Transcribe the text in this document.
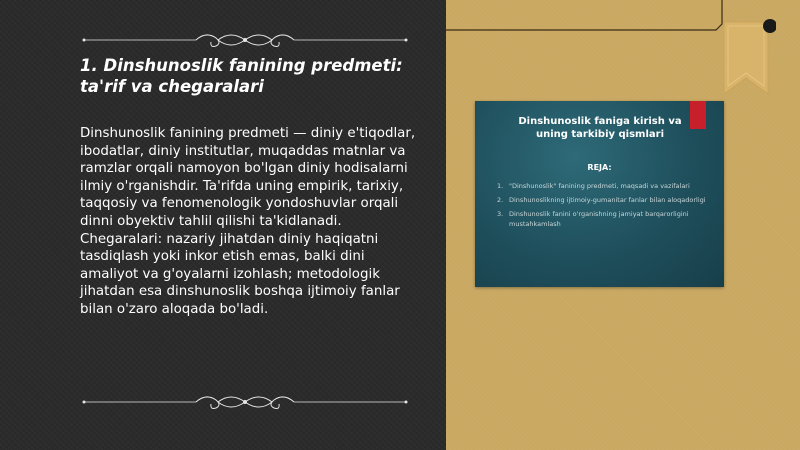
1. Dinshunoslik fanining predmeti:
ta'rif va chegaralari

Dinshunoslik fanining predmeti — diniy e'tiqodlar, ibodatlar, diniy institutlar, muqaddas matnlar va ramzlar orqali namoyon bo'lgan diniy hodisalarni ilmiy o'rganishdir. Ta'rifda uning empirik, tarixiy, taqqosiy va fenomenologik yondoshuvlar orqali dinni obyektiv tahlil qilishi ta'kidlanadi. Chegaralari: nazariy jihatdan diniy haqiqatni tasdiqlash yoki inkor etish emas, balki dini amaliyot va g'oyalarni izohlash; metodologik jihatdan esa dinshunoslik boshqa ijtimoiy fanlar bilan o'zaro aloqada bo'ladi.

Dinshunoslik faniga kirish va
uning tarkibiy qismlari
REJA:
1. "Dinshunoslik" fanining predmeti, maqsadi va vazifalari
2. Dinshunoslikning ijtimoiy-gumanitar fanlar bilan aloqadorligi
3. Dinshunoslik fanini o'rganishning jamiyat barqarorligini mustahkamlash
